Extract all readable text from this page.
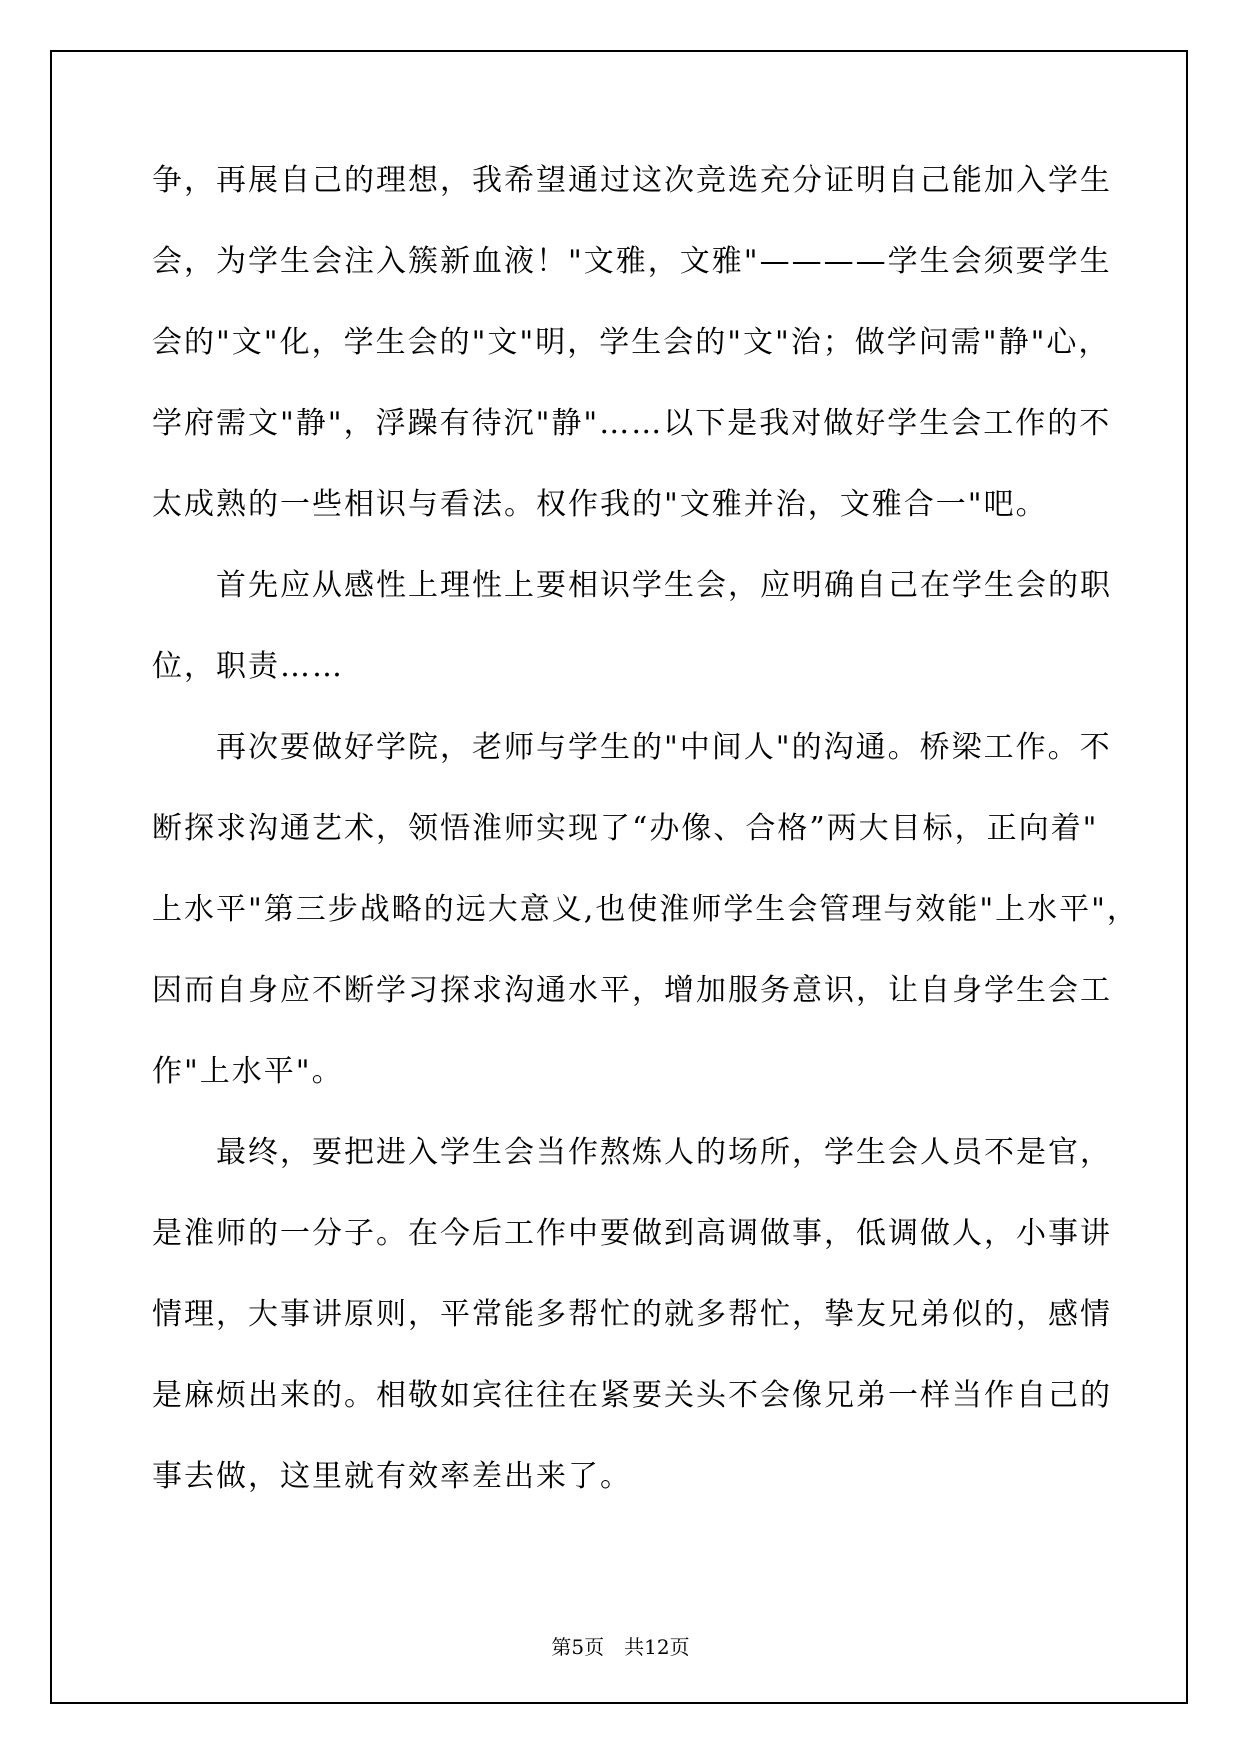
争，再展自己的理想，我希望通过这次竞选充分证明自己能加入学生
会，为学生会注入簇新血液！"文雅，文雅"————学生会须要学生
会的"文"化，学生会的"文"明，学生会的"文"治；做学问需"静"心，
学府需文"静"，浮躁有待沉"静"……以下是我对做好学生会工作的不
太成熟的一些相识与看法。权作我的"文雅并治，文雅合一"吧。

首先应从感性上理性上要相识学生会，应明确自己在学生会的职
位，职责……

再次要做好学院，老师与学生的"中间人"的沟通。桥梁工作。不
断探求沟通艺术，领悟淮师实现了“办像、合格”两大目标，正向着"
上水平"第三步战略的远大意义,也使淮师学生会管理与效能"上水平"，
因而自身应不断学习探求沟通水平，增加服务意识，让自身学生会工
作"上水平"。

最终，要把进入学生会当作熬炼人的场所，学生会人员不是官，
是淮师的一分子。在今后工作中要做到高调做事，低调做人，小事讲
情理，大事讲原则，平常能多帮忙的就多帮忙，挚友兄弟似的，感情
是麻烦出来的。相敬如宾往往在紧要关头不会像兄弟一样当作自己的
事去做，这里就有效率差出来了。

第5页　共12页
